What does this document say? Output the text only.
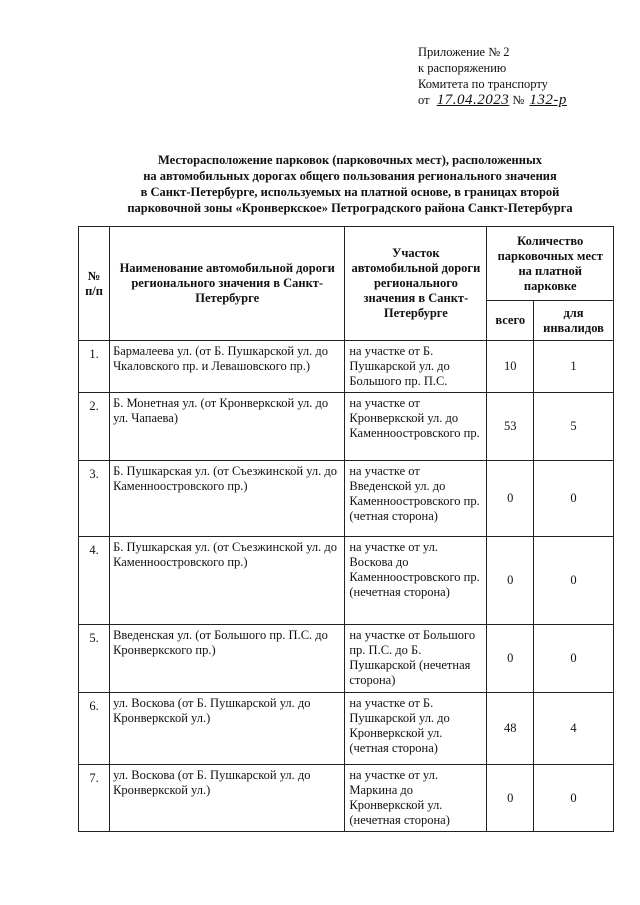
Приложение № 2
к распоряжению
Комитета по транспорту
от 17.04.2023 № 132-р
Месторасположение парковок (парковочных мест), расположенных
на автомобильных дорогах общего пользования регионального значения
в Санкт-Петербурге, используемых на платной основе, в границах второй
парковочной зоны «Кронверкское» Петроградского района Санкт-Петербурга
№ п/п	Наименование автомобильной дороги регионального значения в Санкт-Петербурге	Участок автомобильной дороги регионального значения в Санкт-Петербурге	Количество парковочных мест на платной парковке	
			всего	для инвалидов
1.	Бармалеева ул. (от Б. Пушкарской ул. до Чкаловского пр. и Левашовского пр.)	на участке от Б. Пушкарской ул. до Большого пр. П.С.	10	1
2.	Б. Монетная ул. (от Кронверкской ул. до ул. Чапаева)	на участке от Кронверкской ул. до Каменноостровского пр.	53	5
3.	Б. Пушкарская ул. (от Съезжинской ул. до Каменноостровского пр.)	на участке от Введенской ул. до Каменноостровского пр. (четная сторона)	0	0
4.	Б. Пушкарская ул. (от Съезжинской ул. до Каменноостровского пр.)	на участке от ул. Воскова до Каменноостровского пр. (нечетная сторона)	0	0
5.	Введенская ул. (от Большого пр. П.С. до Кронверкского пр.)	на участке от Большого пр. П.С. до Б. Пушкарской (нечетная сторона)	0	0
6.	ул. Воскова (от Б. Пушкарской ул. до Кронверкской ул.)	на участке от Б. Пушкарской ул. до Кронверкской ул. (четная сторона)	48	4
7.	ул. Воскова (от Б. Пушкарской ул. до Кронверкской ул.)	на участке от ул. Маркина до Кронверкской ул. (нечетная сторона)	0	0
